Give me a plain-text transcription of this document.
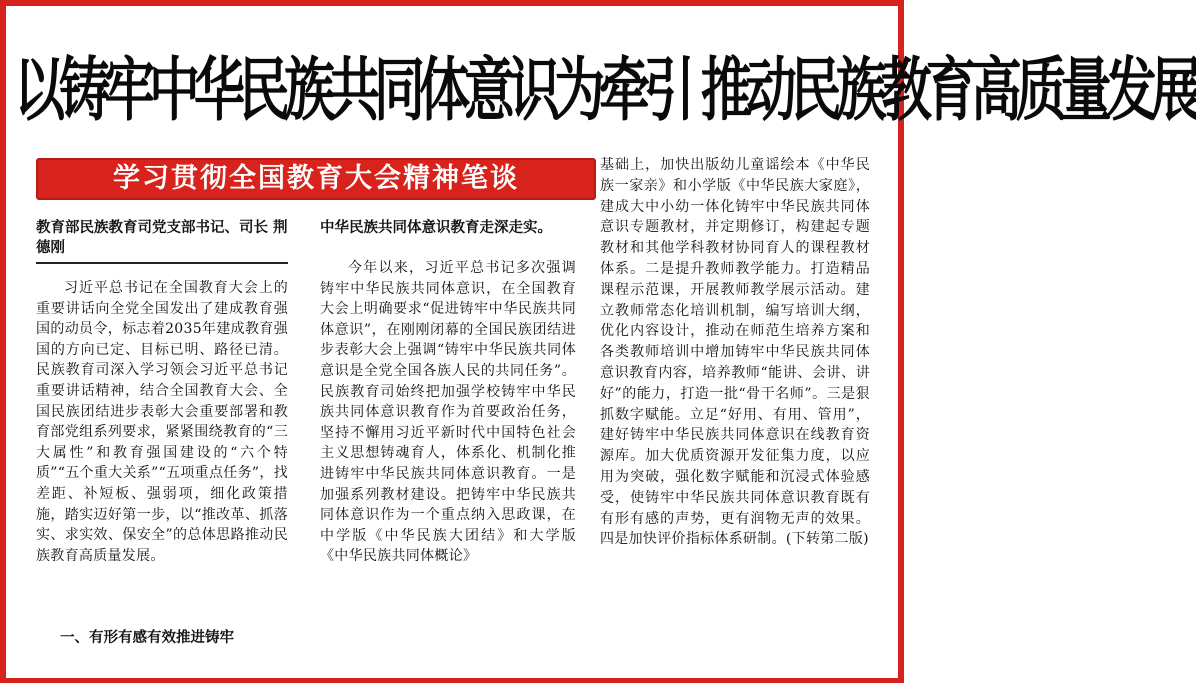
以铸牢中华民族共同体意识为牵引 推动民族教育高质量发展
学习贯彻全国教育大会精神笔谈
教育部民族教育司党支部书记、司长 荆德刚

习近平总书记在全国教育大会上的重要讲话向全党全国发出了建成教育强国的动员令，标志着2035年建成教育强国的方向已定、目标已明、路径已清。民族教育司深入学习领会习近平总书记重要讲话精神，结合全国教育大会、全国民族团结进步表彰大会重要部署和教育部党组系列要求，紧紧围绕教育的“三大属性”和教育强国建设的“六个特质”“五个重大关系”“五项重点任务”，找差距、补短板、强弱项，细化政策措施，踏实迈好第一步，以“推改革、抓落实、求实效、保安全”的总体思路推动民族教育高质量发展。

一、有形有感有效推进铸牢
中华民族共同体意识教育走深走实。

今年以来，习近平总书记多次强调铸牢中华民族共同体意识，在全国教育大会上明确要求“促进铸牢中华民族共同体意识”，在刚刚闭幕的全国民族团结进步表彰大会上强调“铸牢中华民族共同体意识是全党全国各族人民的共同任务”。民族教育司始终把加强学校铸牢中华民族共同体意识教育作为首要政治任务，坚持不懈用习近平新时代中国特色社会主义思想铸魂育人，体系化、机制化推进铸牢中华民族共同体意识教育。一是加强系列教材建设。把铸牢中华民族共同体意识作为一个重点纳入思政课，在中学版《中华民族大团结》和大学版《中华民族共同体概论》

基础上，加快出版幼儿童谣绘本《中华民族一家亲》和小学版《中华民族大家庭》，建成大中小幼一体化铸牢中华民族共同体意识专题教材，并定期修订，构建起专题教材和其他学科教材协同育人的课程教材体系。二是提升教师教学能力。打造精品课程示范课，开展教师教学展示活动。建立教师常态化培训机制，编写培训大纲，优化内容设计，推动在师范生培养方案和各类教师培训中增加铸牢中华民族共同体意识教育内容，培养教师“能讲、会讲、讲好”的能力，打造一批“骨干名师”。三是狠抓数字赋能。立足“好用、有用、管用”，建好铸牢中华民族共同体意识在线教育资源库。加大优质资源开发征集力度，以应用为突破，强化数字赋能和沉浸式体验感受，使铸牢中华民族共同体意识教育既有有形有感的声势，更有润物无声的效果。四是加快评价指标体系研制。(下转第二版)
